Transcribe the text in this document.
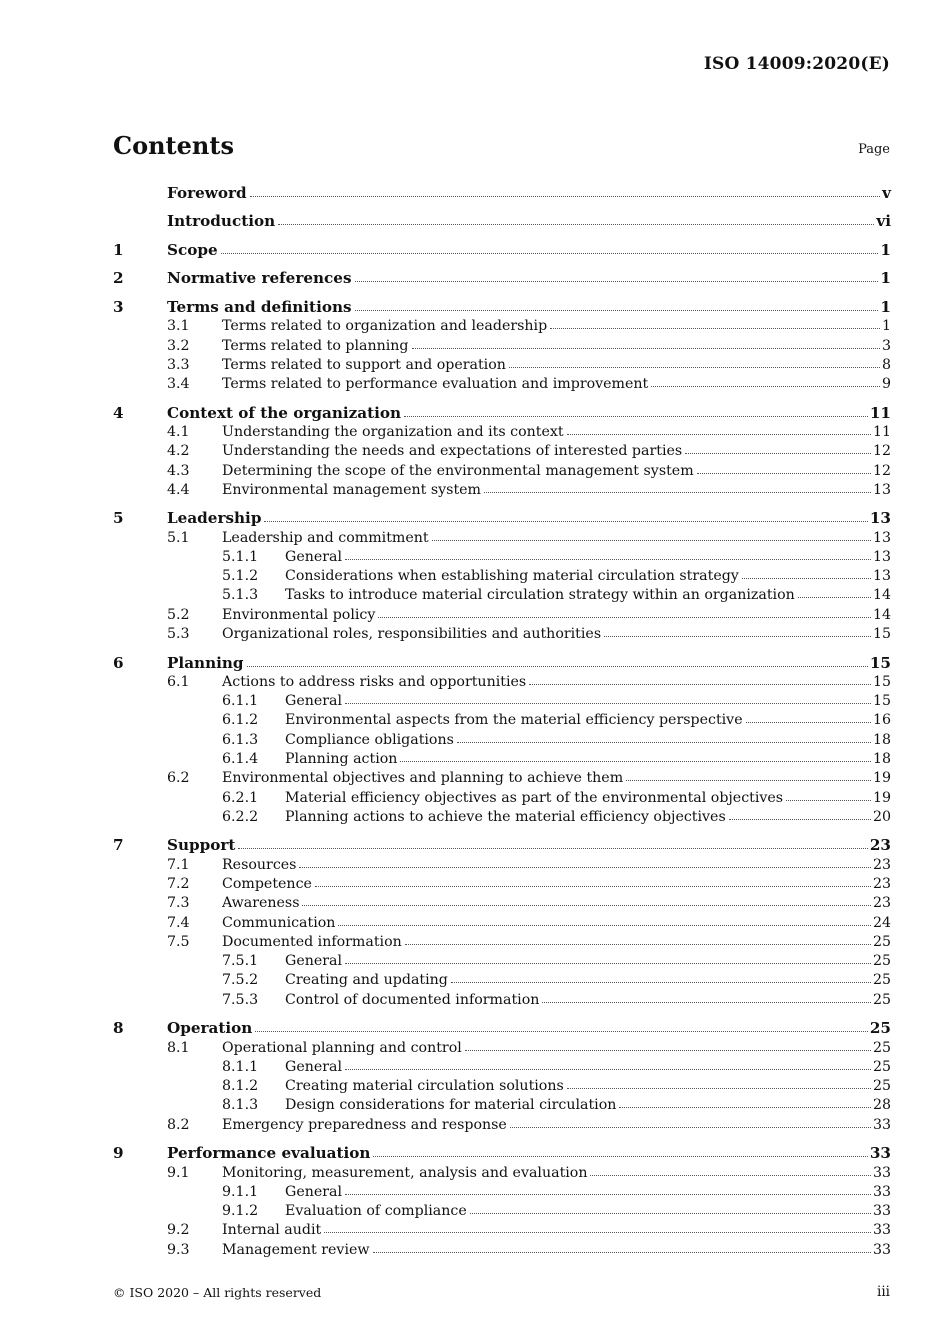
ISO 14009:2020(E)
Contents	Page
Foreword	v
Introduction	vi
1	Scope	1
2	Normative references	1
3	Terms and definitions	1
3.1	Terms related to organization and leadership	1
3.2	Terms related to planning	3
3.3	Terms related to support and operation	8
3.4	Terms related to performance evaluation and improvement	9
4	Context of the organization	11
4.1	Understanding the organization and its context	11
4.2	Understanding the needs and expectations of interested parties	12
4.3	Determining the scope of the environmental management system	12
4.4	Environmental management system	13
5	Leadership	13
5.1	Leadership and commitment	13
5.1.1	General	13
5.1.2	Considerations when establishing material circulation strategy	13
5.1.3	Tasks to introduce material circulation strategy within an organization	14
5.2	Environmental policy	14
5.3	Organizational roles, responsibilities and authorities	15
6	Planning	15
6.1	Actions to address risks and opportunities	15
6.1.1	General	15
6.1.2	Environmental aspects from the material efficiency perspective	16
6.1.3	Compliance obligations	18
6.1.4	Planning action	18
6.2	Environmental objectives and planning to achieve them	19
6.2.1	Material efficiency objectives as part of the environmental objectives	19
6.2.2	Planning actions to achieve the material efficiency objectives	20
7	Support	23
7.1	Resources	23
7.2	Competence	23
7.3	Awareness	23
7.4	Communication	24
7.5	Documented information	25
7.5.1	General	25
7.5.2	Creating and updating	25
7.5.3	Control of documented information	25
8	Operation	25
8.1	Operational planning and control	25
8.1.1	General	25
8.1.2	Creating material circulation solutions	25
8.1.3	Design considerations for material circulation	28
8.2	Emergency preparedness and response	33
9	Performance evaluation	33
9.1	Monitoring, measurement, analysis and evaluation	33
9.1.1	General	33
9.1.2	Evaluation of compliance	33
9.2	Internal audit	33
9.3	Management review	33
© ISO 2020 – All rights reserved	iii
